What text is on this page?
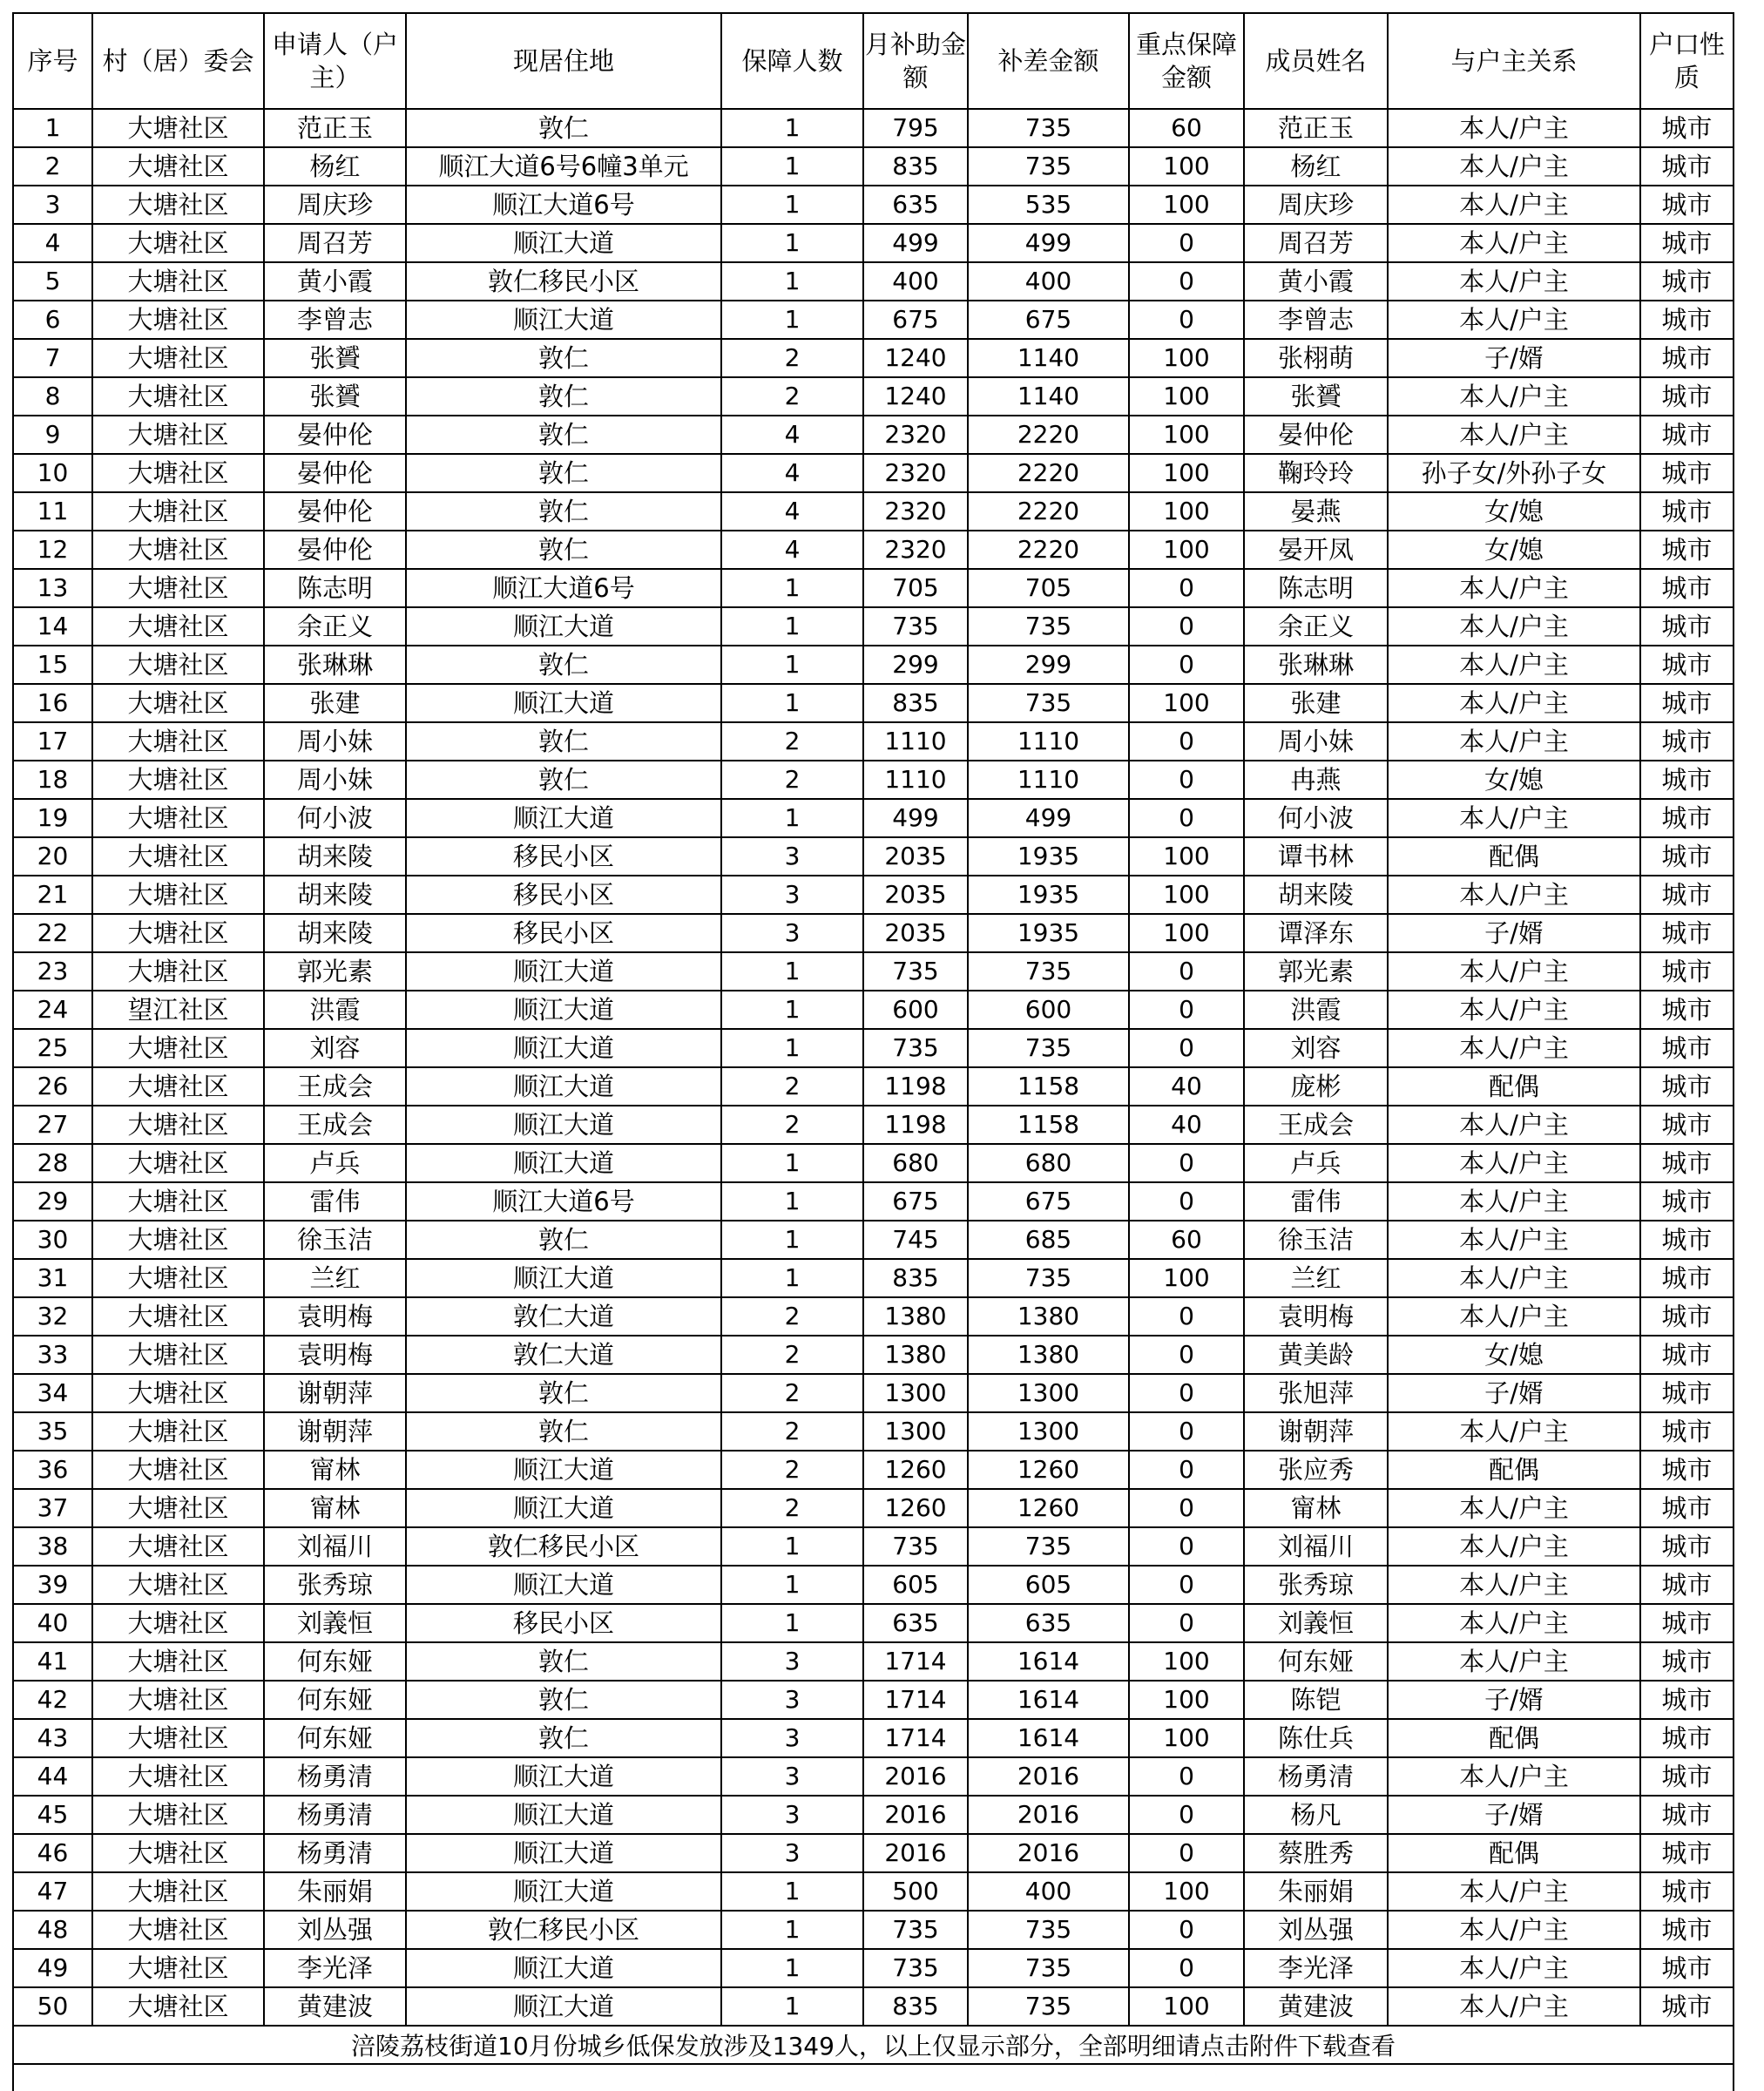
序号	村（居）委会	申请人（户主）	现居住地	保障人数	月补助金额	补差金额	重点保障金额	成员姓名	与户主关系	户口性质
1	大塘社区	范正玉	敦仁	1	795	735	60	范正玉	本人/户主	城市
2	大塘社区	杨红	顺江大道6号6幢3单元	1	835	735	100	杨红	本人/户主	城市
3	大塘社区	周庆珍	顺江大道6号	1	635	535	100	周庆珍	本人/户主	城市
4	大塘社区	周召芳	顺江大道	1	499	499	0	周召芳	本人/户主	城市
5	大塘社区	黄小霞	敦仁移民小区	1	400	400	0	黄小霞	本人/户主	城市
6	大塘社区	李曾志	顺江大道	1	675	675	0	李曾志	本人/户主	城市
7	大塘社区	张贇	敦仁	2	1240	1140	100	张栩萌	子/婿	城市
8	大塘社区	张贇	敦仁	2	1240	1140	100	张贇	本人/户主	城市
9	大塘社区	晏仲伦	敦仁	4	2320	2220	100	晏仲伦	本人/户主	城市
10	大塘社区	晏仲伦	敦仁	4	2320	2220	100	鞠玲玲	孙子女/外孙子女	城市
11	大塘社区	晏仲伦	敦仁	4	2320	2220	100	晏燕	女/媳	城市
12	大塘社区	晏仲伦	敦仁	4	2320	2220	100	晏开凤	女/媳	城市
13	大塘社区	陈志明	顺江大道6号	1	705	705	0	陈志明	本人/户主	城市
14	大塘社区	余正义	顺江大道	1	735	735	0	余正义	本人/户主	城市
15	大塘社区	张琳琳	敦仁	1	299	299	0	张琳琳	本人/户主	城市
16	大塘社区	张建	顺江大道	1	835	735	100	张建	本人/户主	城市
17	大塘社区	周小妹	敦仁	2	1110	1110	0	周小妹	本人/户主	城市
18	大塘社区	周小妹	敦仁	2	1110	1110	0	冉燕	女/媳	城市
19	大塘社区	何小波	顺江大道	1	499	499	0	何小波	本人/户主	城市
20	大塘社区	胡来陵	移民小区	3	2035	1935	100	谭书林	配偶	城市
21	大塘社区	胡来陵	移民小区	3	2035	1935	100	胡来陵	本人/户主	城市
22	大塘社区	胡来陵	移民小区	3	2035	1935	100	谭泽东	子/婿	城市
23	大塘社区	郭光素	顺江大道	1	735	735	0	郭光素	本人/户主	城市
24	望江社区	洪霞	顺江大道	1	600	600	0	洪霞	本人/户主	城市
25	大塘社区	刘容	顺江大道	1	735	735	0	刘容	本人/户主	城市
26	大塘社区	王成会	顺江大道	2	1198	1158	40	庞彬	配偶	城市
27	大塘社区	王成会	顺江大道	2	1198	1158	40	王成会	本人/户主	城市
28	大塘社区	卢兵	顺江大道	1	680	680	0	卢兵	本人/户主	城市
29	大塘社区	雷伟	顺江大道6号	1	675	675	0	雷伟	本人/户主	城市
30	大塘社区	徐玉洁	敦仁	1	745	685	60	徐玉洁	本人/户主	城市
31	大塘社区	兰红	顺江大道	1	835	735	100	兰红	本人/户主	城市
32	大塘社区	袁明梅	敦仁大道	2	1380	1380	0	袁明梅	本人/户主	城市
33	大塘社区	袁明梅	敦仁大道	2	1380	1380	0	黄美龄	女/媳	城市
34	大塘社区	谢朝萍	敦仁	2	1300	1300	0	张旭萍	子/婿	城市
35	大塘社区	谢朝萍	敦仁	2	1300	1300	0	谢朝萍	本人/户主	城市
36	大塘社区	甯林	顺江大道	2	1260	1260	0	张应秀	配偶	城市
37	大塘社区	甯林	顺江大道	2	1260	1260	0	甯林	本人/户主	城市
38	大塘社区	刘福川	敦仁移民小区	1	735	735	0	刘福川	本人/户主	城市
39	大塘社区	张秀琼	顺江大道	1	605	605	0	张秀琼	本人/户主	城市
40	大塘社区	刘義恒	移民小区	1	635	635	0	刘義恒	本人/户主	城市
41	大塘社区	何东娅	敦仁	3	1714	1614	100	何东娅	本人/户主	城市
42	大塘社区	何东娅	敦仁	3	1714	1614	100	陈铠	子/婿	城市
43	大塘社区	何东娅	敦仁	3	1714	1614	100	陈仕兵	配偶	城市
44	大塘社区	杨勇清	顺江大道	3	2016	2016	0	杨勇清	本人/户主	城市
45	大塘社区	杨勇清	顺江大道	3	2016	2016	0	杨凡	子/婿	城市
46	大塘社区	杨勇清	顺江大道	3	2016	2016	0	蔡胜秀	配偶	城市
47	大塘社区	朱丽娟	顺江大道	1	500	400	100	朱丽娟	本人/户主	城市
48	大塘社区	刘丛强	敦仁移民小区	1	735	735	0	刘丛强	本人/户主	城市
49	大塘社区	李光泽	顺江大道	1	735	735	0	李光泽	本人/户主	城市
50	大塘社区	黄建波	顺江大道	1	835	735	100	黄建波	本人/户主	城市
涪陵荔枝街道10月份城乡低保发放涉及1349人，以上仅显示部分，全部明细请点击附件下载查看										
